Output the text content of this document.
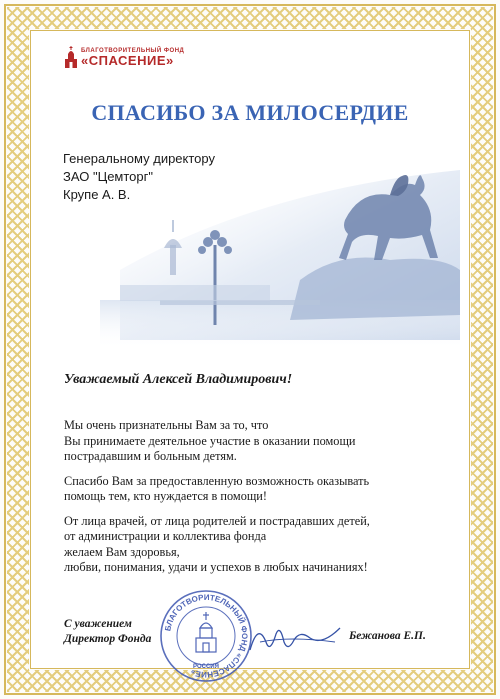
БЛАГОТВОРИТЕЛЬНЫЙ ФОНД
«СПАСЕНИЕ»
СПАСИБО ЗА МИЛОСЕРДИЕ
Генеральному директору
ЗАО "Цемторг"
Крупе А. В.
Уважаемый Алексей Владимирович!

Мы очень признательны Вам за то, что
Вы принимаете деятельное участие в оказании помощи
пострадавшим и больным детям.

Спасибо Вам за предоставленную возможность оказывать
помощь тем, кто нуждается в помощи!

От лица врачей, от лица родителей и пострадавших детей,
от администрации и коллектива фонда
желаем Вам здоровья,
любви, понимания, удачи и успехов в любых начинаниях!

С уважением
Директор Фонда
БЛАГОТВОРИТЕЛЬНЫЙ ФОНД «СПАСЕНИЕ»
РОССИЯ
Бежанова Е.П.
